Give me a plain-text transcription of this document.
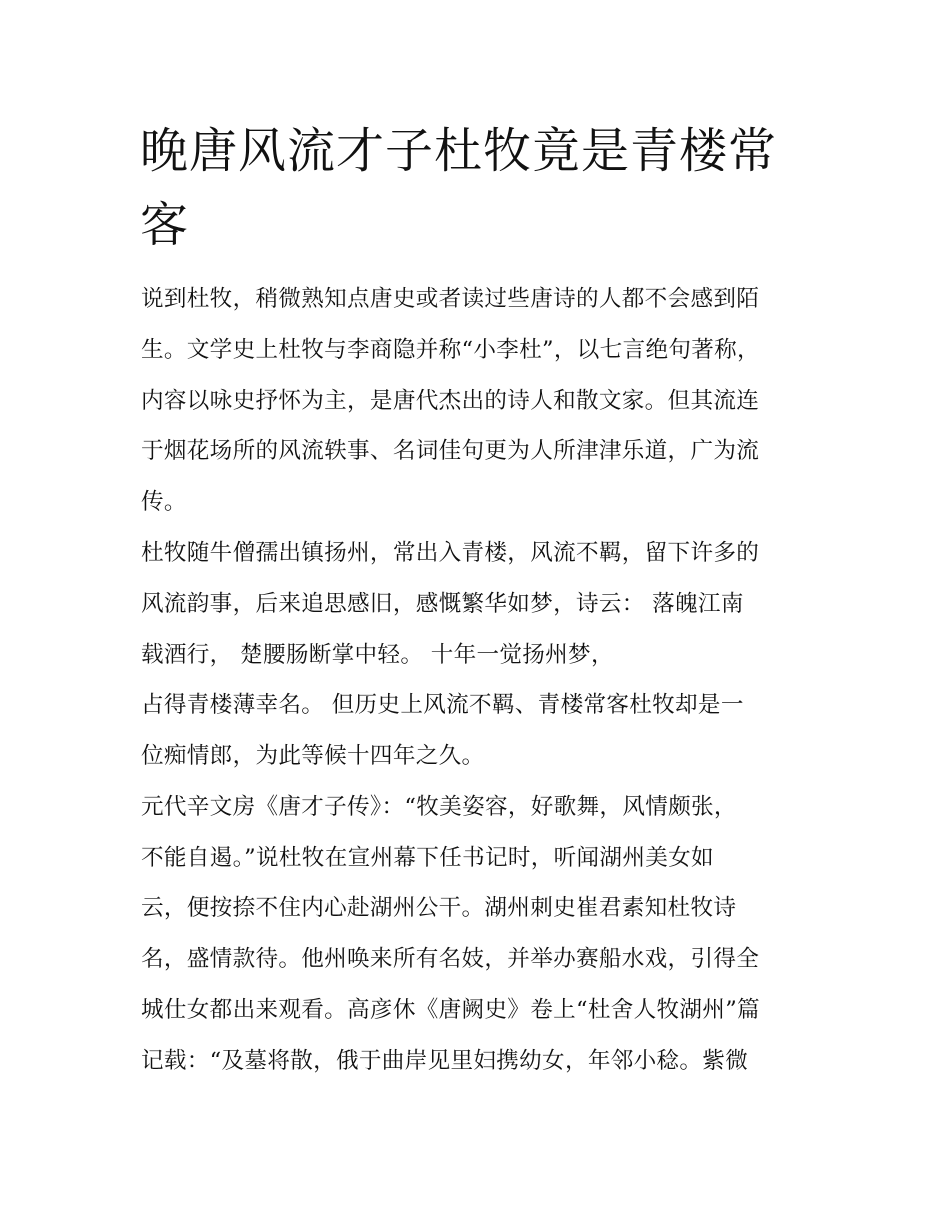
晚唐风流才子杜牧竟是青楼常客
说到杜牧，稍微熟知点唐史或者读过些唐诗的人都不会感到陌
生。文学史上杜牧与李商隐并称“小李杜”，以七言绝句著称，
内容以咏史抒怀为主，是唐代杰出的诗人和散文家。但其流连
于烟花场所的风流轶事、名词佳句更为人所津津乐道，广为流
传。
杜牧随牛僧孺出镇扬州，常出入青楼，风流不羁，留下许多的
风流韵事，后来追思感旧，感慨繁华如梦，诗云： 落魄江南
载酒行， 楚腰肠断掌中轻。 十年一觉扬州梦，
占得青楼薄幸名。 但历史上风流不羁、青楼常客杜牧却是一
位痴情郎，为此等候十四年之久。
元代辛文房《唐才子传》：“牧美姿容，好歌舞，风情颇张，
不能自遏。”说杜牧在宣州幕下任书记时，听闻湖州美女如
云，便按捺不住内心赴湖州公干。湖州刺史崔君素知杜牧诗
名，盛情款待。他州唤来所有名妓，并举办赛船水戏，引得全
城仕女都出来观看。高彦休《唐阙史》卷上“杜舍人牧湖州”篇
记载：“及墓将散，俄于曲岸见里妇携幼女，年邻小稔。紫微
